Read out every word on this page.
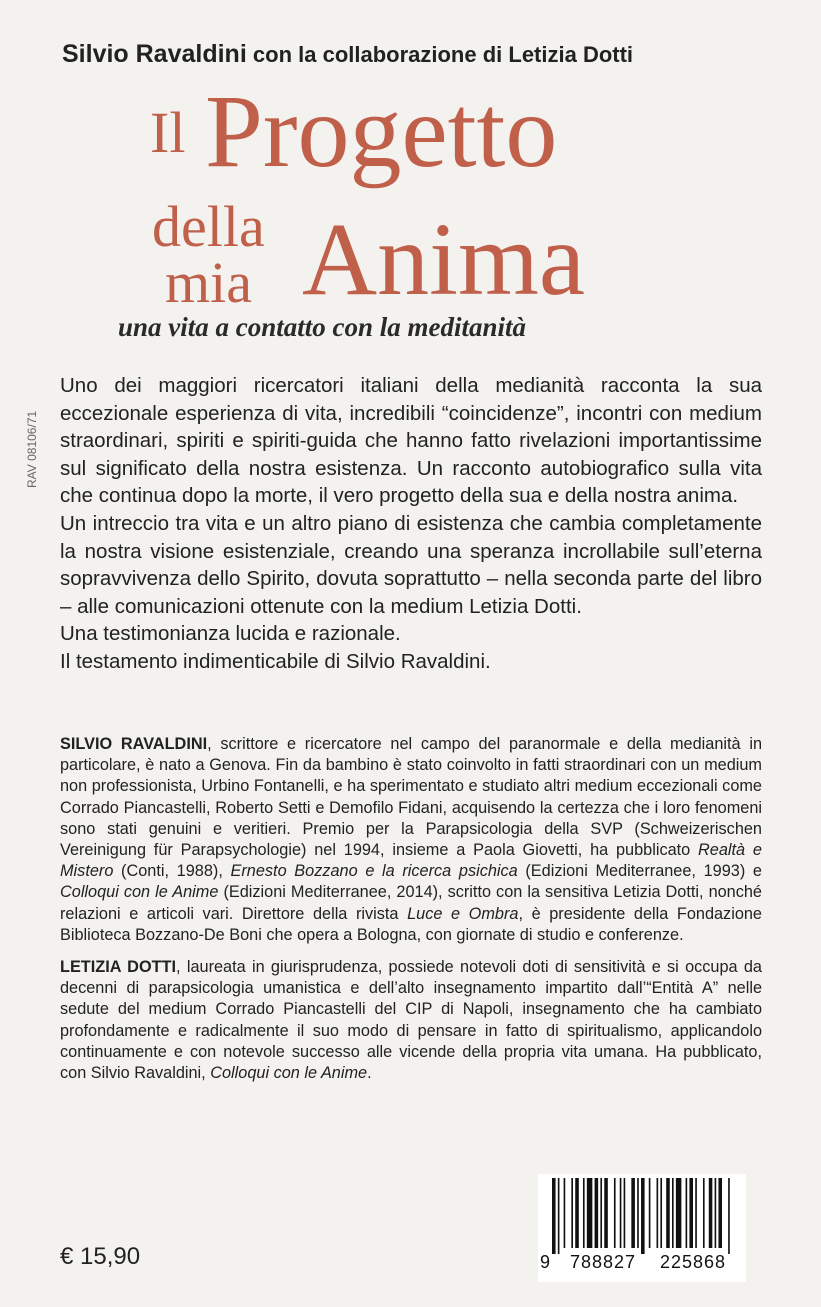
Silvio Ravaldini con la collaborazione di Letizia Dotti
Il Progetto
della
mia Anima
una vita a contatto con la meditanità
RAV 08106/71

Uno dei maggiori ricercatori italiani della medianità racconta la sua eccezionale esperienza di vita, incredibili “coincidenze”, incontri con medium straordinari, spiriti e spiriti-guida che hanno fatto rivelazioni importantissime sul significato della nostra esistenza. Un racconto autobiografico sulla vita che continua dopo la morte, il vero progetto della sua e della nostra anima.

Un intreccio tra vita e un altro piano di esistenza che cambia completamente la nostra visione esistenziale, creando una speranza incrollabile sull’eterna sopravvivenza dello Spirito, dovuta soprattutto – nella seconda parte del libro – alle comunicazioni ottenute con la medium Letizia Dotti.

Una testimonianza lucida e razionale.

Il testamento indimenticabile di Silvio Ravaldini.

SILVIO RAVALDINI, scrittore e ricercatore nel campo del paranormale e della medianità in particolare, è nato a Genova. Fin da bambino è stato coinvolto in fatti straordinari con un medium non professionista, Urbino Fontanelli, e ha sperimentato e studiato altri medium eccezionali come Corrado Piancastelli, Roberto Setti e Demofilo Fidani, acquisendo la certezza che i loro fenomeni sono stati genuini e veritieri. Premio per la Parapsicologia della SVP (Schweizerischen Vereinigung für Parapsychologie) nel 1994, insieme a Paola Giovetti, ha pubblicato Realtà e Mistero (Conti, 1988), Ernesto Bozzano e la ricerca psichica (Edizioni Mediterranee, 1993) e Colloqui con le Anime (Edizioni Mediterranee, 2014), scritto con la sensitiva Letizia Dotti, nonché relazioni e articoli vari. Direttore della rivista Luce e Ombra, è presidente della Fondazione Biblioteca Bozzano-De Boni che opera a Bologna, con giornate di studio e conferenze.

LETIZIA DOTTI, laureata in giurisprudenza, possiede notevoli doti di sensitività e si occupa da decenni di parapsicologia umanistica e dell’alto insegnamento impartito dall’“Entità A” nelle sedute del medium Corrado Piancastelli del CIP di Napoli, insegnamento che ha cambiato profondamente e radicalmente il suo modo di pensare in fatto di spiritualismo, applicandolo continuamente e con notevole successo alle vicende della propria vita umana. Ha pubblicato, con Silvio Ravaldini, Colloqui con le Anime.

€ 15,90	9 788827 225868
